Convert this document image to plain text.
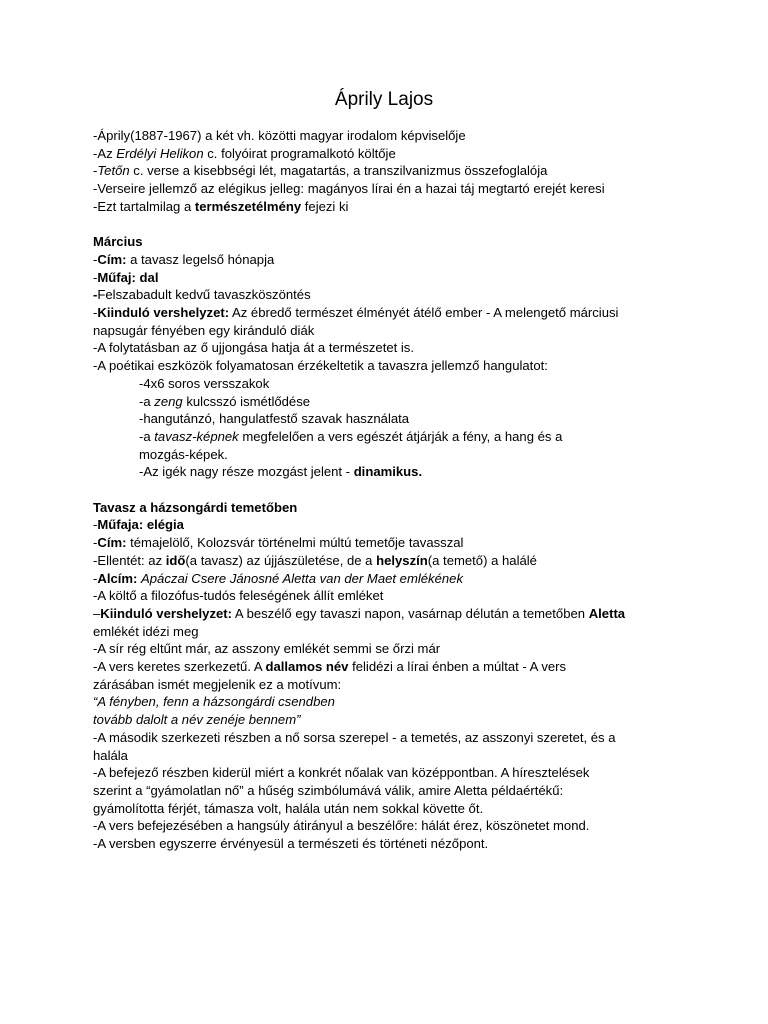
Áprily Lajos
-Áprily(1887-1967) a két vh. közötti magyar irodalom képviselője
-Az Erdélyi Helikon c. folyóirat programalkotó költője
-Tetőn c. verse a kisebbségi lét, magatartás, a transzilvanizmus összefoglalója
-Verseire jellemző az elégikus jelleg: magányos lírai én a hazai táj megtartó erejét keresi
-Ezt tartalmilag a természetélmény fejezi ki
Március
-Cím: a tavasz legelső hónapja
-Műfaj: dal
-Felszabadult kedvű tavaszköszöntés
-Kiinduló vershelyzet: Az ébredő természet élményét átélő ember - A melengető márciusi
napsugár fényében egy kiránduló diák
-A folytatásban az ő ujjongása hatja át a természetet is.
-A poétikai eszközök folyamatosan érzékeltetik a tavaszra jellemző hangulatot:
-4x6 soros versszakok
-a zeng kulcsszó ismétlődése
-hangutánzó, hangulatfestő szavak használata
-a tavasz-képnek megfelelően a vers egészét átjárják a fény, a hang és a
mozgás-képek.
-Az igék nagy része mozgást jelent - dinamikus.
Tavasz a házsongárdi temetőben
-Műfaja: elégia
-Cím: témajelölő, Kolozsvár történelmi múltú temetője tavasszal
-Ellentét: az idő(a tavasz) az újjászületése, de a helyszín(a temető) a halálé
-Alcím: Apáczai Csere Jánosné Aletta van der Maet emlékének
-A költő a filozófus-tudós feleségének állít emléket
–Kiinduló vershelyzet: A beszélő egy tavaszi napon, vasárnap délután a temetőben Aletta
emlékét idézi meg
-A sír rég eltűnt már, az asszony emlékét semmi se őrzi már
-A vers keretes szerkezetű. A dallamos név felidézi a lírai énben a múltat - A vers
zárásában ismét megjelenik ez a motívum:
“A fényben, fenn a házsongárdi csendben
tovább dalolt a név zenéje bennem”
-A második szerkezeti részben a nő sorsa szerepel - a temetés, az asszonyi szeretet, és a
halála
-A befejező részben kiderül miért a konkrét nőalak van középpontban. A híresztelések
szerint a “gyámolatlan nő” a hűség szimbólumává válik, amire Aletta példaértékű:
gyámolította férjét, támasza volt, halála után nem sokkal követte őt.
-A vers befejezésében a hangsúly átirányul a beszélőre: hálát érez, köszönetet mond.
-A versben egyszerre érvényesül a természeti és történeti nézőpont.
